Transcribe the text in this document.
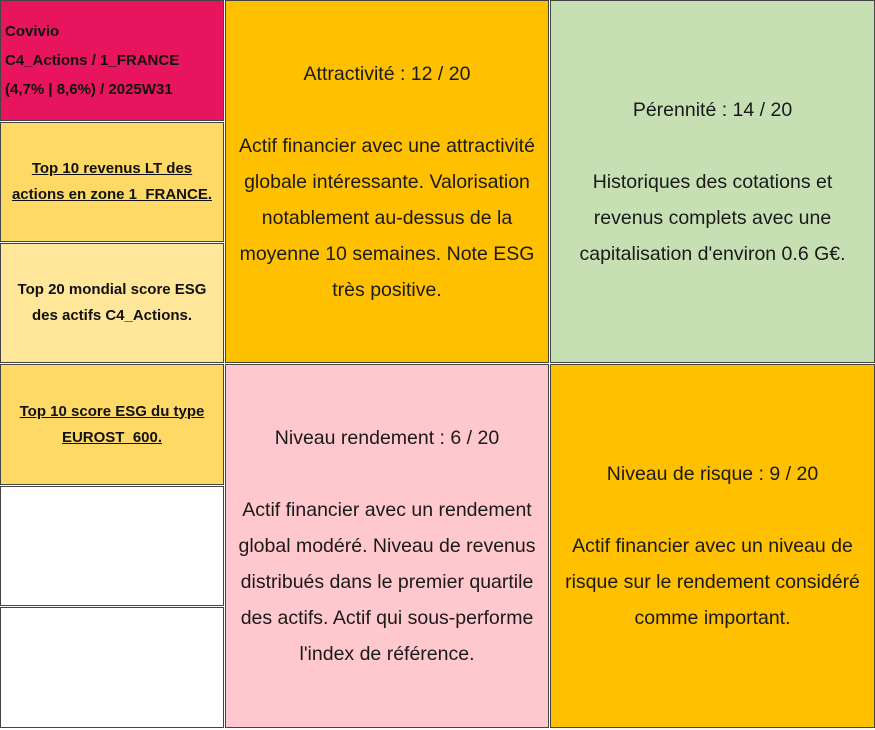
Covivio
C4_Actions / 1_FRANCE
(4,7% | 8,6%) / 2025W31
Top 10 revenus LT des actions en zone 1_FRANCE.
Top 20 mondial score ESG des actifs C4_Actions.
Top 10 score ESG du type EUROST_600.
Attractivité : 12 / 20
Actif financier avec une attractivité globale intéressante. Valorisation notablement au-dessus de la moyenne 10 semaines. Note ESG très positive.
Pérennité : 14 / 20
Historiques des cotations et revenus complets avec une capitalisation d'environ 0.6 G€.
Niveau rendement : 6 / 20
Actif financier avec un rendement global modéré. Niveau de revenus distribués dans le premier quartile des actifs. Actif qui sous-performe l'index de référence.
Niveau de risque : 9 / 20
Actif financier avec un niveau de risque sur le rendement considéré comme important.
